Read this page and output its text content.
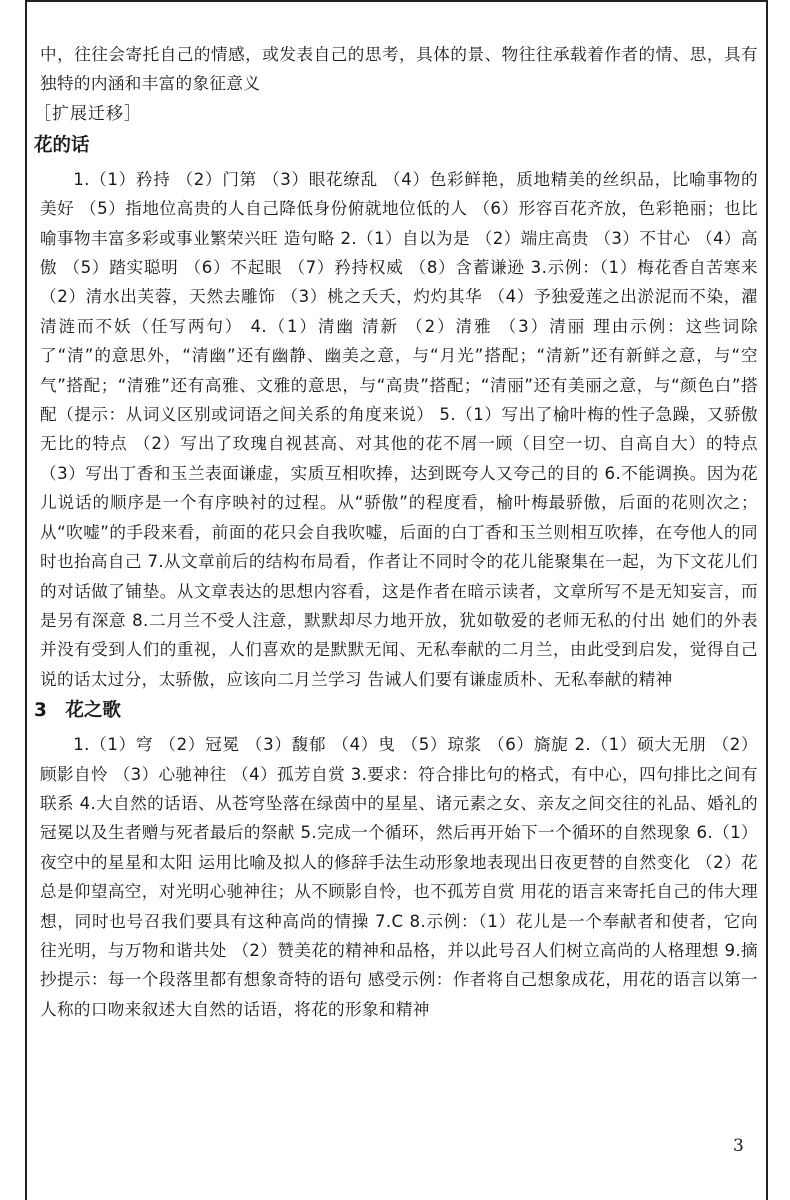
中，往往会寄托自己的情感，或发表自己的思考，具体的景、物往往承载着作者的情、思，具有独特的内涵和丰富的象征意义

［扩展迁移］
花的话

1.（1）矜持 （2）门第 （3）眼花缭乱 （4）色彩鲜艳，质地精美的丝织品，比喻事物的美好 （5）指地位高贵的人自己降低身份俯就地位低的人 （6）形容百花齐放，色彩艳丽；也比喻事物丰富多彩或事业繁荣兴旺 造句略 2.（1）自以为是 （2）端庄高贵 （3）不甘心 （4）高傲 （5）踏实聪明 （6）不起眼 （7）矜持权威 （8）含蓄谦逊 3.示例：（1）梅花香自苦寒来 （2）清水出芙蓉，天然去雕饰 （3）桃之夭夭，灼灼其华 （4）予独爱莲之出淤泥而不染，濯清涟而不妖（任写两句） 4.（1）清幽 清新 （2）清雅 （3）清丽 理由示例：这些词除了“清”的意思外，“清幽”还有幽静、幽美之意，与“月光”搭配；“清新”还有新鲜之意，与“空气”搭配；“清雅”还有高雅、文雅的意思，与“高贵”搭配；“清丽”还有美丽之意，与“颜色白”搭配（提示：从词义区别或词语之间关系的角度来说） 5.（1）写出了榆叶梅的性子急躁，又骄傲无比的特点 （2）写出了玫瑰自视甚高、对其他的花不屑一顾（目空一切、自高自大）的特点 （3）写出丁香和玉兰表面谦虚，实质互相吹捧，达到既夸人又夸己的目的 6.不能调换。因为花儿说话的顺序是一个有序映衬的过程。从“骄傲”的程度看，榆叶梅最骄傲，后面的花则次之；从“吹嘘”的手段来看，前面的花只会自我吹嘘，后面的白丁香和玉兰则相互吹捧，在夸他人的同时也抬高自己 7.从文章前后的结构布局看，作者让不同时令的花儿能聚集在一起，为下文花儿们的对话做了铺垫。从文章表达的思想内容看，这是作者在暗示读者，文章所写不是无知妄言，而是另有深意 8.二月兰不受人注意，默默却尽力地开放，犹如敬爱的老师无私的付出 她们的外表并没有受到人们的重视，人们喜欢的是默默无闻、无私奉献的二月兰，由此受到启发，觉得自己说的话太过分，太骄傲，应该向二月兰学习 告诫人们要有谦虚质朴、无私奉献的精神

3　花之歌

1.（1）穹 （2）冠冕 （3）馥郁 （4）曳 （5）琼浆 （6）旖旎 2.（1）硕大无朋 （2）顾影自怜 （3）心驰神往 （4）孤芳自赏 3.要求：符合排比句的格式，有中心，四句排比之间有联系 4.大自然的话语、从苍穹坠落在绿茵中的星星、诸元素之女、亲友之间交往的礼品、婚礼的冠冕以及生者赠与死者最后的祭献 5.完成一个循环，然后再开始下一个循环的自然现象 6.（1）夜空中的星星和太阳 运用比喻及拟人的修辞手法生动形象地表现出日夜更替的自然变化 （2）花总是仰望高空，对光明心驰神往；从不顾影自怜，也不孤芳自赏 用花的语言来寄托自己的伟大理想，同时也号召我们要具有这种高尚的情操 7.C 8.示例：（1）花儿是一个奉献者和使者，它向往光明，与万物和谐共处 （2）赞美花的精神和品格，并以此号召人们树立高尚的人格理想 9.摘抄提示：每一个段落里都有想象奇特的语句 感受示例：作者将自己想象成花，用花的语言以第一人称的口吻来叙述大自然的话语，将花的形象和精神

3
